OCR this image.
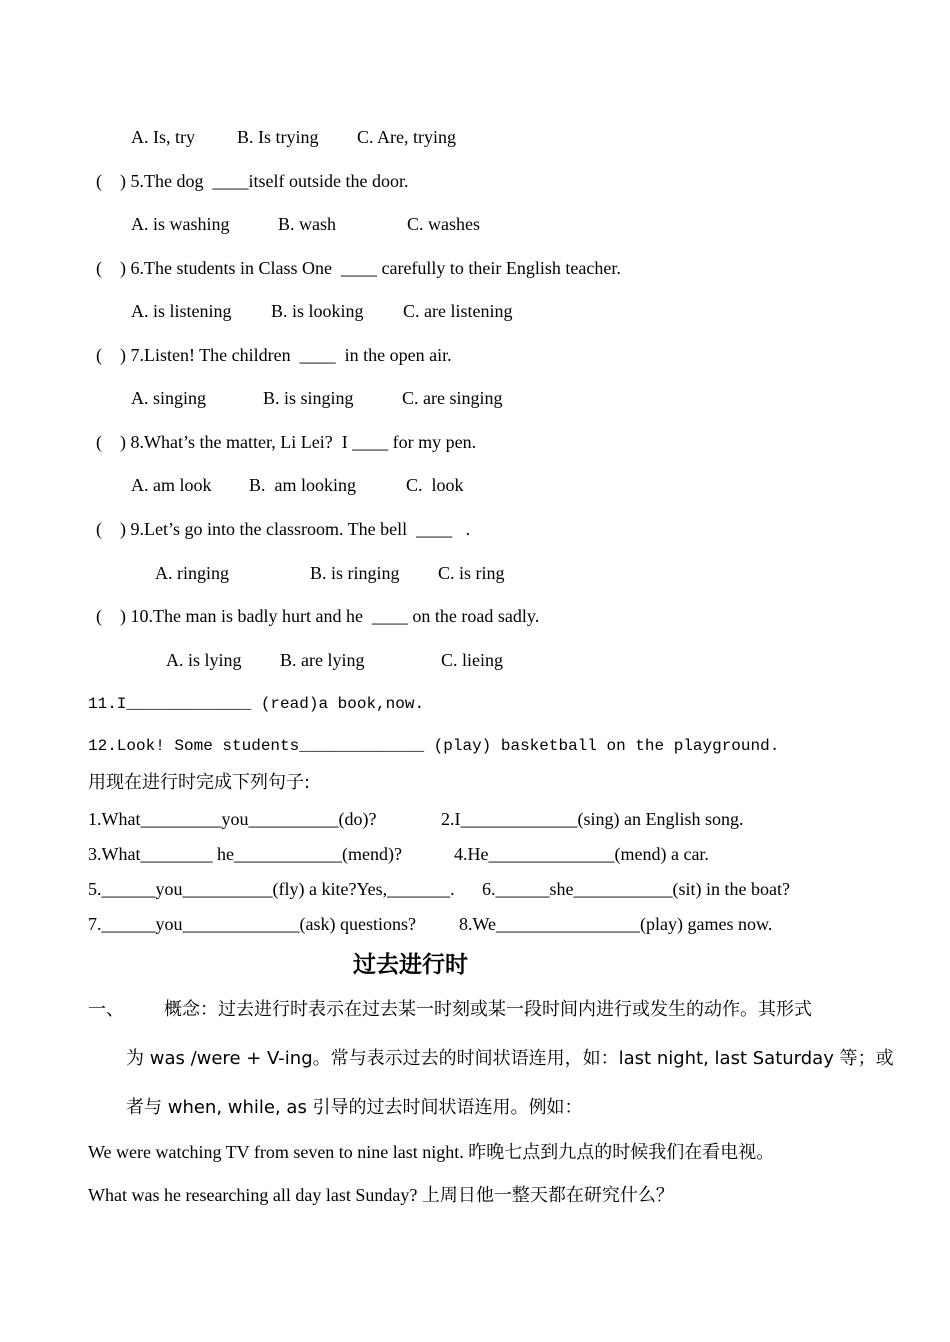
A. Is, try B. Is trying C. Are, trying
(    ) 5.The dog  ____itself outside the door.
A. is washing	B. wash	C. washes
(    ) 6.The students in Class One  ____ carefully to their English teacher.
A. is listening B. is looking C. are listening
(    ) 7.Listen! The children  ____  in the open air.
A. singing	B. is singing	C. are singing
(    ) 8.What’s the matter, Li Lei?  I ____ for my pen.
A. am look B.  am looking	C.  look
(    ) 9.Let’s go into the classroom. The bell  ____   .
A. ringing	B. is ringing C. is ring
(    ) 10.The man is badly hurt and he  ____ on the road sadly.
A. is lying B. are lying	C. lieing
11.I_____________ (read)a book,now.
12.Look! Some students_____________ (play) basketball on the playground.
用现在进行时完成下列句子:
1.What_________you__________(do)?	2.I_____________(sing) an English song.
3.What________ he____________(mend)?	4.He______________(mend) a car.
5.______you__________(fly) a kite?Yes,_______. 6.______she___________(sit) in the boat?
7.______you_____________(ask) questions? 8.We________________(play) games now.
过去进行时
一、 概念：过去进行时表示在过去某一时刻或某一段时间内进行或发生的动作。其形式
为 was /were + V-ing。常与表示过去的时间状语连用，如：last night, last Saturday 等；或
者与 when, while, as 引导的过去时间状语连用。例如：
We were watching TV from seven to nine last night. 昨晚七点到九点的时候我们在看电视。
What was he researching all day last Sunday? 上周日他一整天都在研究什么？
